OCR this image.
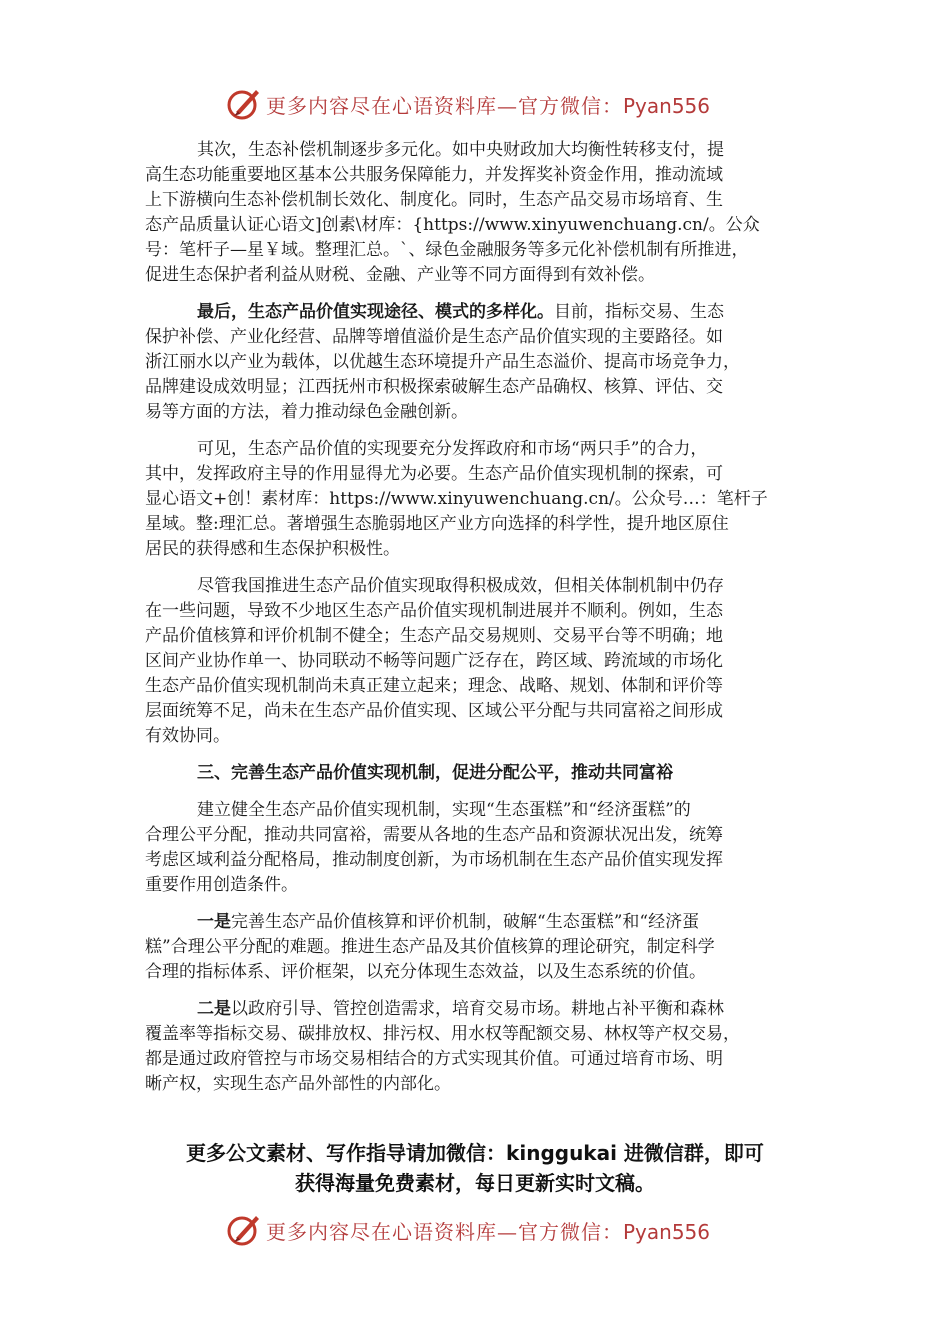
更多内容尽在心语资料库—官方微信：Pyan556

其次，生态补偿机制逐步多元化。如中央财政加大均衡性转移支付，提
高生态功能重要地区基本公共服务保障能力，并发挥奖补资金作用，推动流域
上下游横向生态补偿机制长效化、制度化。同时，生态产品交易市场培育、生
态产品质量认证心语文]创素\材库：{https://www.xinyuwenchuang.cn/。公众
号：笔杆子—星￥域。整理汇总。`、绿色金融服务等多元化补偿机制有所推进，
促进生态保护者利益从财税、金融、产业等不同方面得到有效补偿。

最后，生态产品价值实现途径、模式的多样化。目前，指标交易、生态
保护补偿、产业化经营、品牌等增值溢价是生态产品价值实现的主要路径。如
浙江丽水以产业为载体，以优越生态环境提升产品生态溢价、提高市场竞争力，
品牌建设成效明显；江西抚州市积极探索破解生态产品确权、核算、评估、交
易等方面的方法，着力推动绿色金融创新。

可见，生态产品价值的实现要充分发挥政府和市场“两只手”的合力，
其中，发挥政府主导的作用显得尤为必要。生态产品价值实现机制的探索，可
显心语文+创！素材库：https://www.xinyuwenchuang.cn/。公众号…：笔杆子
星域。整:理汇总。著增强生态脆弱地区产业方向选择的科学性，提升地区原住
居民的获得感和生态保护积极性。

尽管我国推进生态产品价值实现取得积极成效，但相关体制机制中仍存
在一些问题，导致不少地区生态产品价值实现机制进展并不顺利。例如，生态
产品价值核算和评价机制不健全；生态产品交易规则、交易平台等不明确；地
区间产业协作单一、协同联动不畅等问题广泛存在，跨区域、跨流域的市场化
生态产品价值实现机制尚未真正建立起来；理念、战略、规划、体制和评价等
层面统筹不足，尚未在生态产品价值实现、区域公平分配与共同富裕之间形成
有效协同。

三、完善生态产品价值实现机制，促进分配公平，推动共同富裕

建立健全生态产品价值实现机制，实现“生态蛋糕”和“经济蛋糕”的
合理公平分配，推动共同富裕，需要从各地的生态产品和资源状况出发，统筹
考虑区域利益分配格局，推动制度创新，为市场机制在生态产品价值实现发挥
重要作用创造条件。

一是完善生态产品价值核算和评价机制，破解“生态蛋糕”和“经济蛋
糕”合理公平分配的难题。推进生态产品及其价值核算的理论研究，制定科学
合理的指标体系、评价框架，以充分体现生态效益，以及生态系统的价值。

二是以政府引导、管控创造需求，培育交易市场。耕地占补平衡和森林
覆盖率等指标交易、碳排放权、排污权、用水权等配额交易、林权等产权交易，
都是通过政府管控与市场交易相结合的方式实现其价值。可通过培育市场、明
晰产权，实现生态产品外部性的内部化。

更多公文素材、写作指导请加微信：kinggukai 进微信群，即可
获得海量免费素材，每日更新实时文稿。
更多内容尽在心语资料库—官方微信：Pyan556
